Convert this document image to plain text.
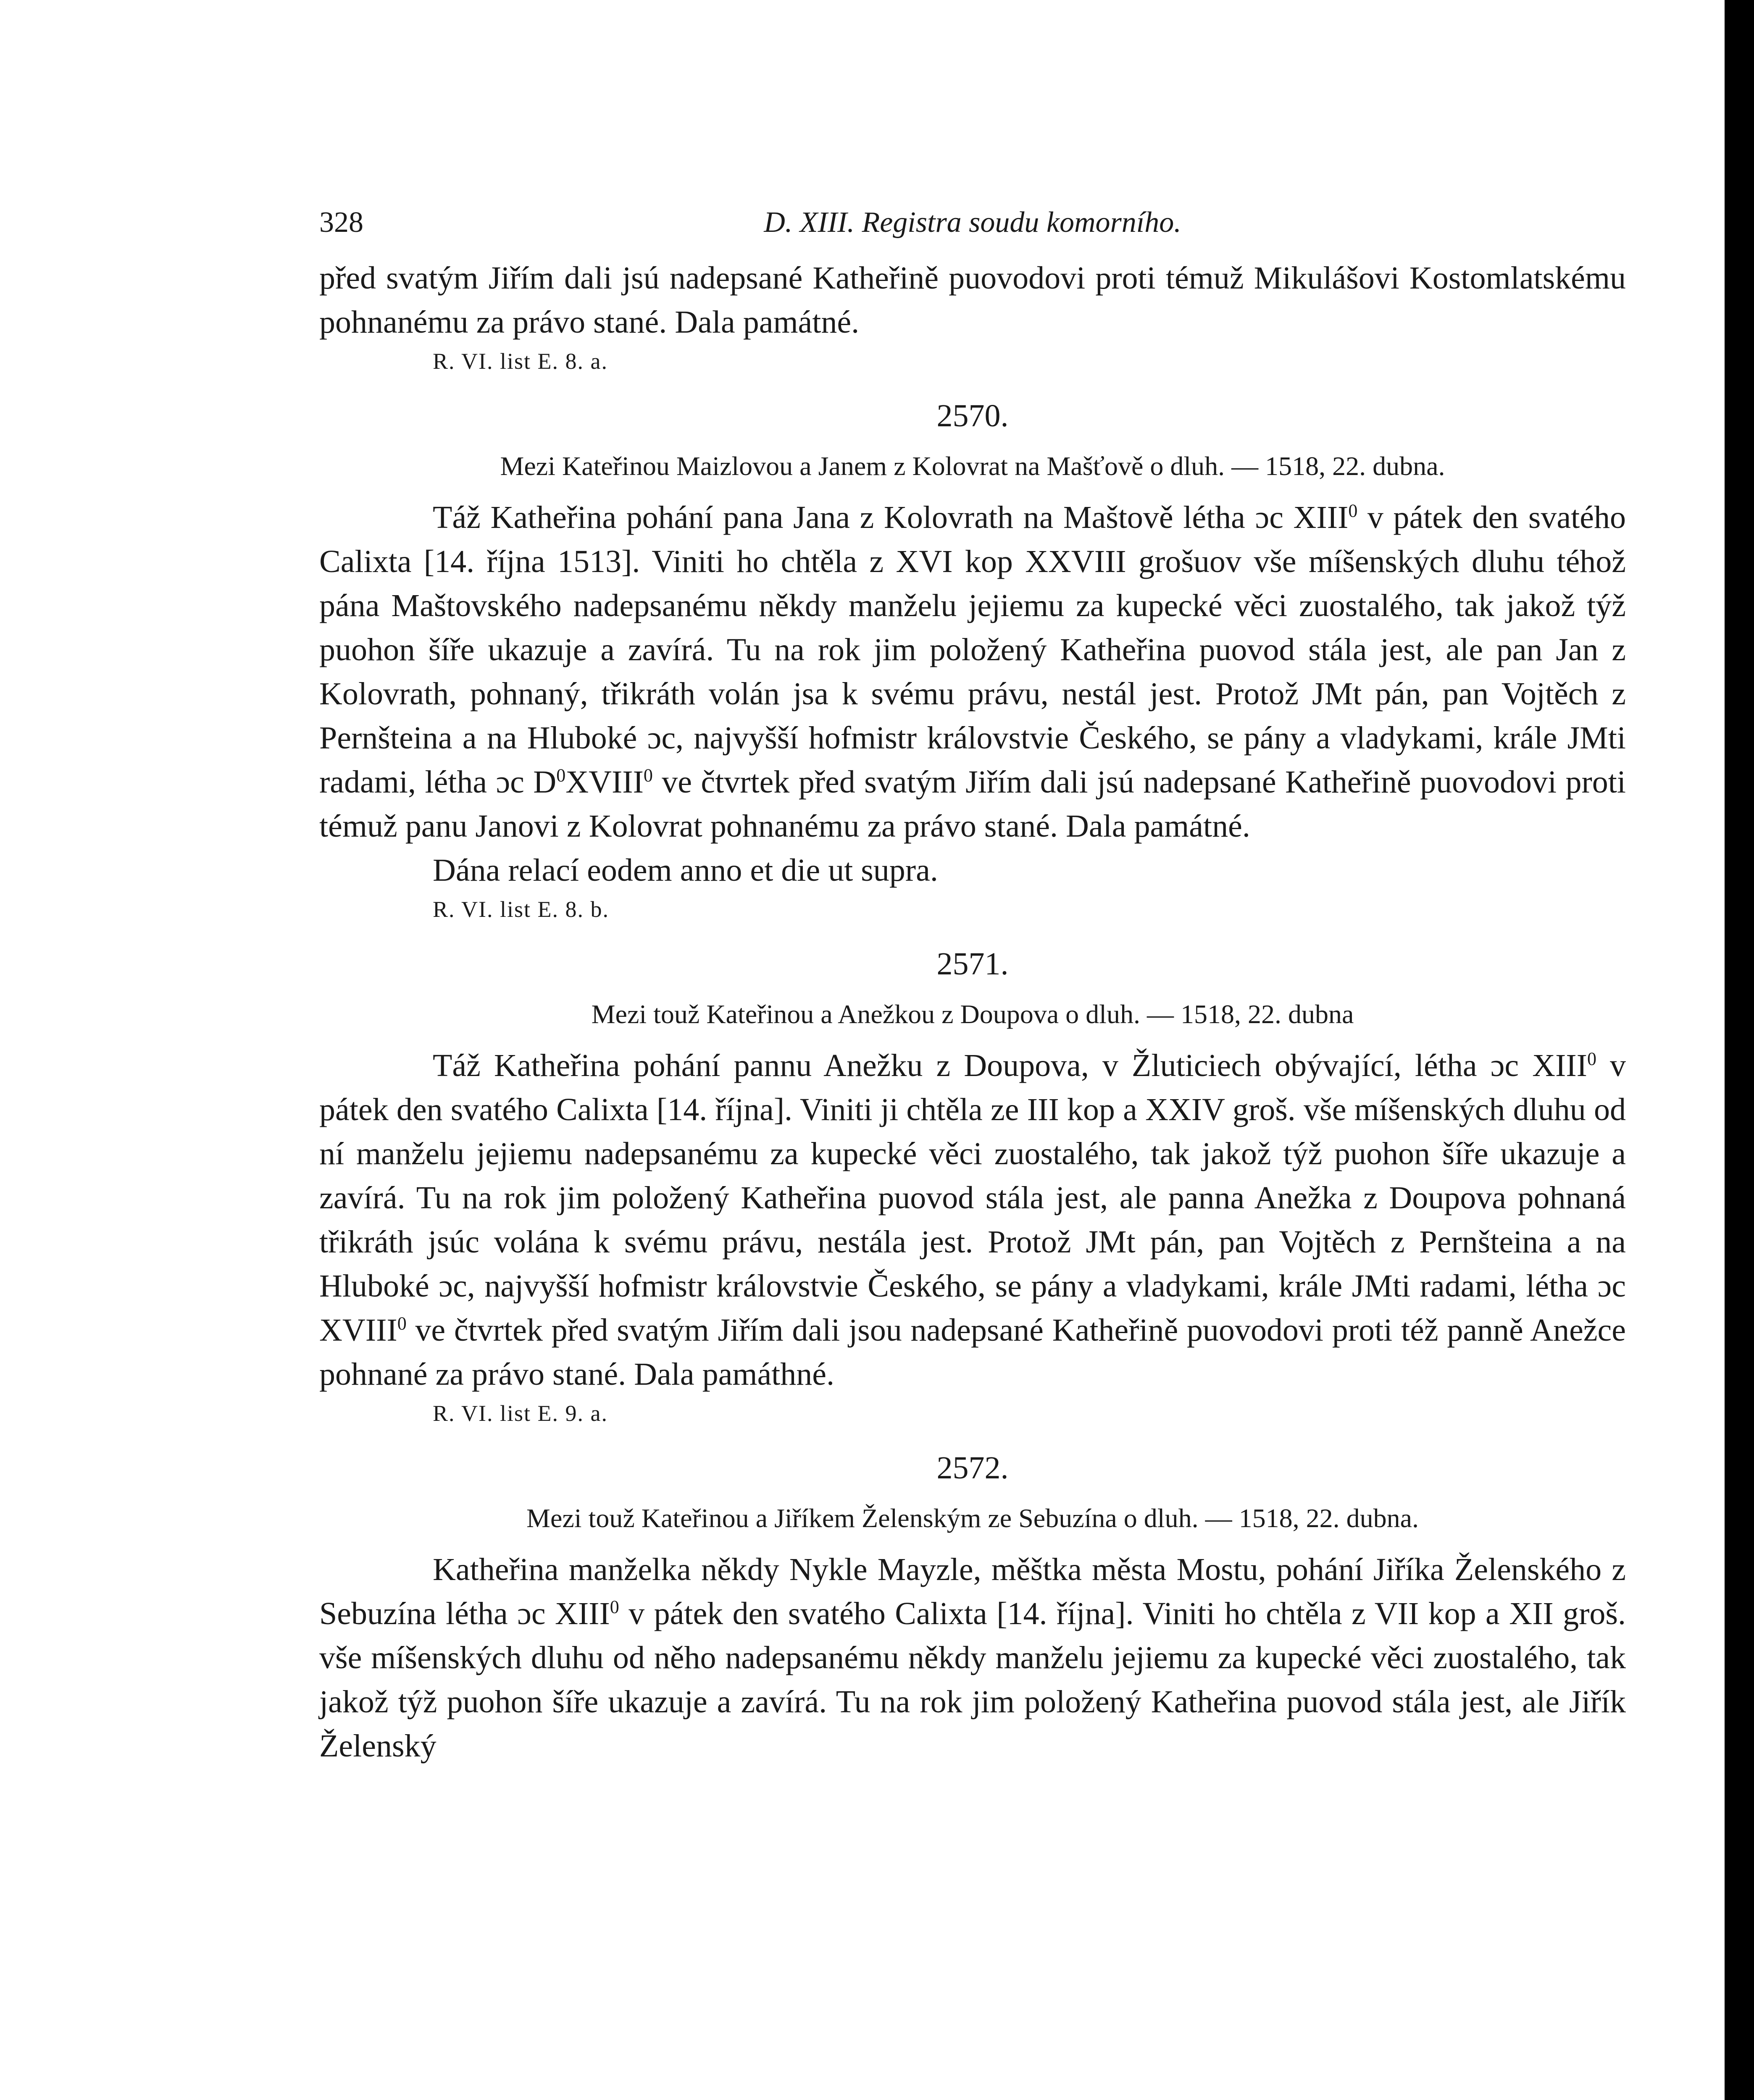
328	D. XIII. Registra soudu komorního.

před svatým Jiřím dali jsú nadepsané Katheřině puovodovi proti témuž Mikulášovi Kostomlatskému pohnanému za právo stané. Dala památné.

R. VI. list E. 8. a.

2570.
Mezi Kateřinou Maizlovou a Janem z Kolovrat na Mašťově o dluh. — 1518, 22. dubna.

Táž Katheřina pohání pana Jana z Kolovrath na Maštově létha ɔc XIII$^0$ v pátek den svatého Calixta [14. října 1513]. Viniti ho chtěla z XVI kop XXVIII grošuov vše míšenských dluhu téhož pána Maštovského nadepsanému někdy manželu jejiemu za kupecké věci zuostalého, tak jakož týž puohon šíře ukazuje a zavírá. Tu na rok jim položený Katheřina puovod stála jest, ale pan Jan z Kolovrath, pohnaný, třikráth volán jsa k svému právu, nestál jest. Protož JMt pán, pan Vojtěch z Pernšteina a na Hluboké ɔc, najvyšší hofmistr královstvie Českého, se pány a vladykami, krále JMti radami, létha ɔc $D^0XVIII^0$ ve čtvrtek před svatým Jiřím dali jsú nadepsané Katheřině puovodovi proti témuž panu Janovi z Kolovrat pohnanému za právo stané. Dala památné.

Dána relací eodem anno et die ut supra.

R. VI. list E. 8. b.

2571.
Mezi touž Kateřinou a Anežkou z Doupova o dluh. — 1518, 22. dubna

Táž Katheřina pohání pannu Anežku z Doupova, v Žluticiech obývající, létha ɔc XIII$^0$ v pátek den svatého Calixta [14. října]. Viniti ji chtěla ze III kop a XXIV groš. vše míšenských dluhu od ní manželu jejiemu nadepsanému za kupecké věci zuostalého, tak jakož týž puohon šíře ukazuje a zavírá. Tu na rok jim položený Katheřina puovod stála jest, ale panna Anežka z Doupova pohnaná třikráth jsúc volána k svému právu, nestála jest. Protož JMt pán, pan Vojtěch z Pernšteina a na Hluboké ɔc, najvyšší hofmistr královstvie Českého, se pány a vladykami, krále JMti radami, létha ɔc XVIII$^0$ ve čtvrtek před svatým Jiřím dali jsou nadepsané Katheřině puovodovi proti též panně Anežce pohnané za právo stané. Dala památhné.

R. VI. list E. 9. a.

2572.
Mezi touž Kateřinou a Jiříkem Želenským ze Sebuzína o dluh. — 1518, 22. dubna.

Katheřina manželka někdy Nykle Mayzle, měštka města Mostu, pohání Jiříka Želenského z Sebuzína létha ɔc XIII$^0$ v pátek den svatého Calixta [14. října]. Viniti ho chtěla z VII kop a XII groš. vše míšenských dluhu od něho nadepsanému někdy manželu jejiemu za kupecké věci zuostalého, tak jakož týž puohon šíře ukazuje a zavírá. Tu na rok jim položený Katheřina puovod stála jest, ale Jiřík Želenský
